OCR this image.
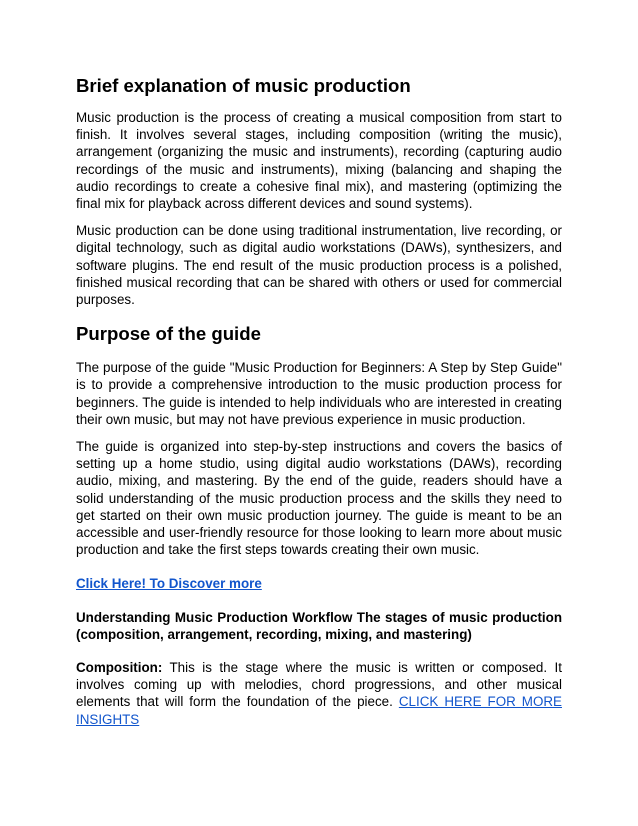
Brief explanation of music production

Music production is the process of creating a musical composition from start to finish. It involves several stages, including composition (writing the music), arrangement (organizing the music and instruments), recording (capturing audio recordings of the music and instruments), mixing (balancing and shaping the audio recordings to create a cohesive final mix), and mastering (optimizing the final mix for playback across different devices and sound systems).

Music production can be done using traditional instrumentation, live recording, or digital technology, such as digital audio workstations (DAWs), synthesizers, and software plugins. The end result of the music production process is a polished, finished musical recording that can be shared with others or used for commercial purposes.

Purpose of the guide

The purpose of the guide "Music Production for Beginners: A Step by Step Guide" is to provide a comprehensive introduction to the music production process for beginners. The guide is intended to help individuals who are interested in creating their own music, but may not have previous experience in music production.

The guide is organized into step-by-step instructions and covers the basics of setting up a home studio, using digital audio workstations (DAWs), recording audio, mixing, and mastering. By the end of the guide, readers should have a solid understanding of the music production process and the skills they need to get started on their own music production journey. The guide is meant to be an accessible and user-friendly resource for those looking to learn more about music production and take the first steps towards creating their own music.

Click Here! To Discover more

Understanding Music Production Workflow The stages of music production (composition, arrangement, recording, mixing, and mastering)

Composition: This is the stage where the music is written or composed. It involves coming up with melodies, chord progressions, and other musical elements that will form the foundation of the piece. CLICK HERE FOR MORE INSIGHTS
